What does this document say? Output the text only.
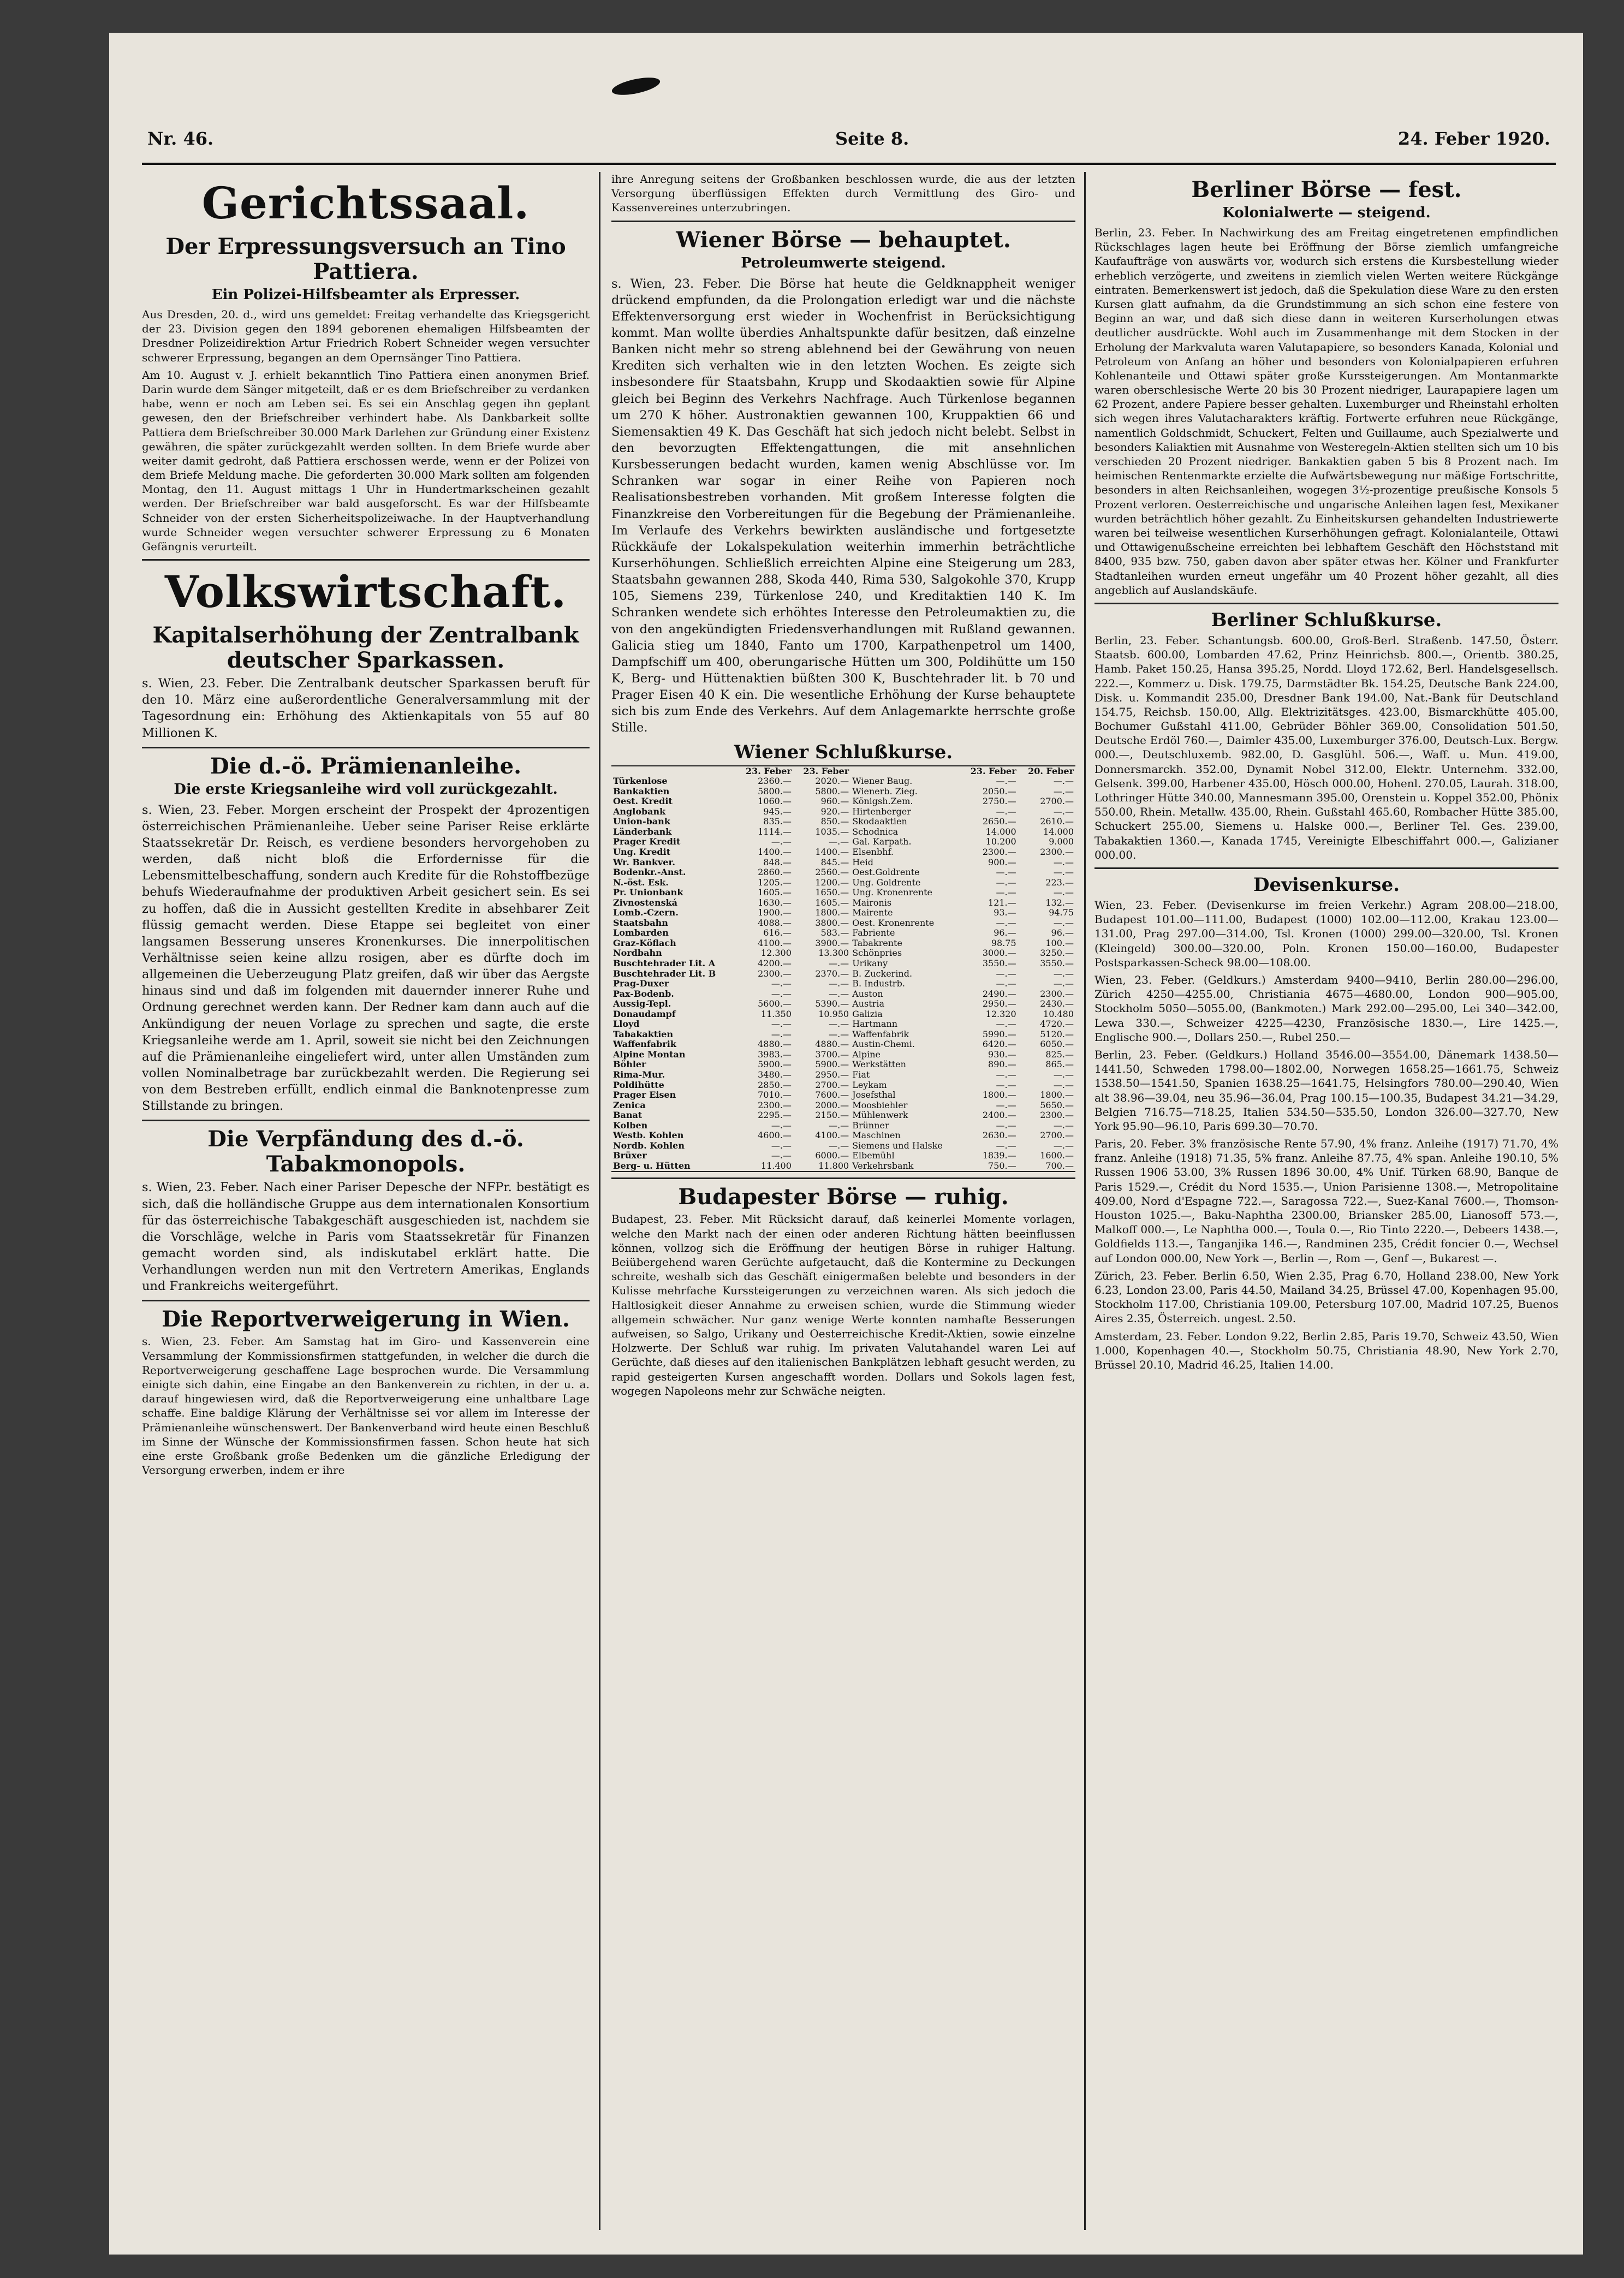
Nr. 46.	Seite 8.	24. Feber 1920.
Gerichtssaal.
Der Erpressungsversuch an Tino Pattiera.
Ein Polizei-Hilfsbeamter als Erpresser.

Aus Dresden, 20. d., wird uns gemeldet: Freitag verhandelte das Kriegsgericht der 23. Division gegen den 1894 geborenen ehemaligen Hilfsbeamten der Dresdner Polizeidirektion Artur Friedrich Robert Schneider wegen versuchter schwerer Erpressung, begangen an dem Opernsänger Tino Pattiera.

Am 10. August v. J. erhielt bekanntlich Tino Pattiera einen anonymen Brief. Darin wurde dem Sänger mitgeteilt, daß er es dem Briefschreiber zu verdanken habe, wenn er noch am Leben sei. Es sei ein Anschlag gegen ihn geplant gewesen, den der Briefschreiber verhindert habe. Als Dankbarkeit sollte Pattiera dem Briefschreiber 30.000 Mark Darlehen zur Gründung einer Existenz gewähren, die später zurückgezahlt werden sollten. In dem Briefe wurde aber weiter damit gedroht, daß Pattiera erschossen werde, wenn er der Polizei von dem Briefe Meldung mache. Die geforderten 30.000 Mark sollten am folgenden Montag, den 11. August mittags 1 Uhr in Hundertmarkscheinen gezahlt werden. Der Briefschreiber war bald ausgeforscht. Es war der Hilfsbeamte Schneider von der ersten Sicherheitspolizeiwache. In der Hauptverhandlung wurde Schneider wegen versuchter schwerer Erpressung zu 6 Monaten Gefängnis verurteilt.

Volkswirtschaft.
Kapitalserhöhung der Zentralbank deutscher Sparkassen.

s. Wien, 23. Feber. Die Zentralbank deutscher Sparkassen beruft für den 10. März eine außerordentliche Generalversammlung mit der Tagesordnung ein: Erhöhung des Aktienkapitals von 55 auf 80 Millionen K.

Die d.-ö. Prämienanleihe.
Die erste Kriegsanleihe wird voll zurückgezahlt.

s. Wien, 23. Feber. Morgen erscheint der Prospekt der 4prozentigen österreichischen Prämienanleihe. Ueber seine Pariser Reise erklärte Staatssekretär Dr. Reisch, es verdiene besonders hervorgehoben zu werden, daß nicht bloß die Erfordernisse für die Lebensmittelbeschaffung, sondern auch Kredite für die Rohstoffbezüge behufs Wiederaufnahme der produktiven Arbeit gesichert sein. Es sei zu hoffen, daß die in Aussicht gestellten Kredite in absehbarer Zeit flüssig gemacht werden. Diese Etappe sei begleitet von einer langsamen Besserung unseres Kronenkurses. Die innerpolitischen Verhältnisse seien keine allzu rosigen, aber es dürfte doch im allgemeinen die Ueberzeugung Platz greifen, daß wir über das Aergste hinaus sind und daß im folgenden mit dauernder innerer Ruhe und Ordnung gerechnet werden kann. Der Redner kam dann auch auf die Ankündigung der neuen Vorlage zu sprechen und sagte, die erste Kriegsanleihe werde am 1. April, soweit sie nicht bei den Zeichnungen auf die Prämienanleihe eingeliefert wird, unter allen Umständen zum vollen Nominalbetrage bar zurückbezahlt werden. Die Regierung sei von dem Bestreben erfüllt, endlich einmal die Banknotenpresse zum Stillstande zu bringen.

Die Verpfändung des d.-ö. Tabakmonopols.

s. Wien, 23. Feber. Nach einer Pariser Depesche der NFPr. bestätigt es sich, daß die holländische Gruppe aus dem internationalen Konsortium für das österreichische Tabakgeschäft ausgeschieden ist, nachdem sie die Vorschläge, welche in Paris vom Staatssekretär für Finanzen gemacht worden sind, als indiskutabel erklärt hatte. Die Verhandlungen werden nun mit den Vertretern Amerikas, Englands und Frankreichs weitergeführt.

Die Reportverweigerung in Wien.

s. Wien, 23. Feber. Am Samstag hat im Giro- und Kassenverein eine Versammlung der Kommissionsfirmen stattgefunden, in welcher die durch die Reportverweigerung geschaffene Lage besprochen wurde. Die Versammlung einigte sich dahin, eine Eingabe an den Bankenverein zu richten, in der u. a. darauf hingewiesen wird, daß die Reportverweigerung eine unhaltbare Lage schaffe. Eine baldige Klärung der Verhältnisse sei vor allem im Interesse der Prämienanleihe wünschenswert. Der Bankenverband wird heute einen Beschluß im Sinne der Wünsche der Kommissionsfirmen fassen. Schon heute hat sich eine erste Großbank große Bedenken um die gänzliche Erledigung der Versorgung erwerben, indem er ihre

ihre Anregung seitens der Großbanken beschlossen wurde, die aus der letzten Versorgung überflüssigen Effekten durch Vermittlung des Giro- und Kassenvereines unterzubringen.

Wiener Börse — behauptet.
Petroleumwerte steigend.

s. Wien, 23. Feber. Die Börse hat heute die Geldknappheit weniger drückend empfunden, da die Prolongation erledigt war und die nächste Effektenversorgung erst wieder in Wochenfrist in Berücksichtigung kommt. Man wollte überdies Anhaltspunkte dafür besitzen, daß einzelne Banken nicht mehr so streng ablehnend bei der Gewährung von neuen Krediten sich verhalten wie in den letzten Wochen. Es zeigte sich insbesondere für Staatsbahn, Krupp und Skodaaktien sowie für Alpine gleich bei Beginn des Verkehrs Nachfrage. Auch Türkenlose begannen um 270 K höher. Austronaktien gewannen 100, Kruppaktien 66 und Siemensaktien 49 K. Das Geschäft hat sich jedoch nicht belebt. Selbst in den bevorzugten Effektengattungen, die mit ansehnlichen Kursbesserungen bedacht wurden, kamen wenig Abschlüsse vor. Im Schranken war sogar in einer Reihe von Papieren noch Realisationsbestreben vorhanden. Mit großem Interesse folgten die Finanzkreise den Vorbereitungen für die Begebung der Prämienanleihe. Im Verlaufe des Verkehrs bewirkten ausländische und fortgesetzte Rückkäufe der Lokalspekulation weiterhin immerhin beträchtliche Kurserhöhungen. Schließlich erreichten Alpine eine Steigerung um 283, Staatsbahn gewannen 288, Skoda 440, Rima 530, Salgokohle 370, Krupp 105, Siemens 239, Türkenlose 240, und Kreditaktien 140 K. Im Schranken wendete sich erhöhtes Interesse den Petroleumaktien zu, die von den angekündigten Friedensverhandlungen mit Rußland gewannen. Galicia stieg um 1840, Fanto um 1700, Karpathenpetrol um 1400, Dampfschiff um 400, oberungarische Hütten um 300, Poldihütte um 150 K, Berg- und Hüttenaktien büßten 300 K, Buschtehrader lit. b 70 und Prager Eisen 40 K ein. Die wesentliche Erhöhung der Kurse behauptete sich bis zum Ende des Verkehrs. Auf dem Anlagemarkte herrschte große Stille.

Wiener Schlußkurse.
	23. Feber	23. Feber		23. Feber	20. Feber
Türkenlose	2360.—	2020.—	Wiener Baug.	—.—	—.—
Bankaktien	5800.—	5800.—	Wienerb. Zieg.	2050.—	—.—
Oest. Kredit	1060.—	960.—	Königsh.Zem.	2750.—	2700.—
Anglobank	945.—	920.—	Hirtenberger	—.—	—.—
Union-bank	835.—	850.—	Skodaaktien	2650.—	2610.—
Länderbank	1114.—	1035.—	Schodnica	14.000	14.000
Prager Kredit	—.—	—.—	Gal. Karpath.	10.200	9.000
Ung. Kredit	1400.—	1400.—	Elsenbhf.	2300.—	2300.—
Wr. Bankver.	848.—	845.—	Heid	900.—	—.—
Bodenkr.-Anst.	2860.—	2560.—	Oest.Goldrente	—.—	—.—
N.-öst. Esk.	1205.—	1200.—	Ung. Goldrente	—.—	223.—
Pr. Unionbank	1605.—	1650.—	Ung. Kronenrente	—.—	—.—
Zivnostenská	1630.—	1605.—	Maironis	121.—	132.—
Lomb.-Czern.	1900.—	1800.—	Mairente	93.—	94.75
Staatsbahn	4088.—	3800.—	Oest. Kronenrente	—.—	—.—
Lombarden	616.—	583.—	Fabriente	96.—	96.—
Graz-Köflach	4100.—	3900.—	Tabakrente	98.75	100.—
Nordbahn	12.300	13.300	Schönpries	3000.—	3250.—
Buschtehrader Lit. A	4200.—	—.—	Urikany	3550.—	3550.—
Buschtehrader Lit. B	2300.—	2370.—	B. Zuckerind.	—.—	—.—
Prag-Duxer	—.—	—.—	B. Industrb.	—.—	—.—
Pax-Bodenb.	—.—	—.—	Auston	2490.—	2300.—
Aussig-Tepl.	5600.—	5390.—	Austria	2950.—	2430.—
Donaudampf	11.350	10.950	Galizia	12.320	10.480
Lloyd	—.—	—.—	Hartmann	—.—	4720.—
Tabakaktien	—.—	—.—	Waffenfabrik	5990.—	5120.—
Waffenfabrik	4880.—	4880.—	Austin-Chemi.	6420.—	6050.—
Alpine Montan	3983.—	3700.—	Alpine	930.—	825.—
Böhler	5900.—	5900.—	Werkstätten	890.—	865.—
Rima-Mur.	3480.—	2950.—	Fiat	—.—	—.—
Poldihütte	2850.—	2700.—	Leykam	—.—	—.—
Prager Eisen	7010.—	7600.—	Josefsthal	1800.—	1800.—
Zenica	2300.—	2000.—	Moosbiehler	—.—	5650.—
Banat	2295.—	2150.—	Mühlenwerk	2400.—	2300.—
Kolben	—.—	—.—	Brünner	—.—	—.—
Westb. Kohlen	4600.—	4100.—	Maschinen	2630.—	2700.—
Nordb. Kohlen	—.—	—.—	Siemens und Halske	—.—	—.—
Brüxer	—.—	6000.—	Elbemühl	1839.—	1600.—
Berg- u. Hütten	11.400	11.800	Verkehrsbank	750.—	700.—
Budapester Börse — ruhig.

Budapest, 23. Feber. Mit Rücksicht darauf, daß keinerlei Momente vorlagen, welche den Markt nach der einen oder anderen Richtung hätten beeinflussen können, vollzog sich die Eröffnung der heutigen Börse in ruhiger Haltung. Beiübergehend waren Gerüchte aufgetaucht, daß die Kontermine zu Deckungen schreite, weshalb sich das Geschäft einigermaßen belebte und besonders in der Kulisse mehrfache Kurssteigerungen zu verzeichnen waren. Als sich jedoch die Haltlosigkeit dieser Annahme zu erweisen schien, wurde die Stimmung wieder allgemein schwächer. Nur ganz wenige Werte konnten namhafte Besserungen aufweisen, so Salgo, Urikany und Oesterreichische Kredit-Aktien, sowie einzelne Holzwerte. Der Schluß war ruhig. Im privaten Valutahandel waren Lei auf Gerüchte, daß dieses auf den italienischen Bankplätzen lebhaft gesucht werden, zu rapid gesteigerten Kursen angeschafft worden. Dollars und Sokols lagen fest, wogegen Napoleons mehr zur Schwäche neigten.

Berliner Börse — fest.
Kolonialwerte — steigend.

Berlin, 23. Feber. In Nachwirkung des am Freitag eingetretenen empfindlichen Rückschlages lagen heute bei Eröffnung der Börse ziemlich umfangreiche Kaufaufträge von auswärts vor, wodurch sich erstens die Kursbestellung wieder erheblich verzögerte, und zweitens in ziemlich vielen Werten weitere Rückgänge eintraten. Bemerkenswert ist jedoch, daß die Spekulation diese Ware zu den ersten Kursen glatt aufnahm, da die Grundstimmung an sich schon eine festere von Beginn an war, und daß sich diese dann in weiteren Kurserholungen etwas deutlicher ausdrückte. Wohl auch im Zusammenhange mit dem Stocken in der Erholung der Markvaluta waren Valutapapiere, so besonders Kanada, Kolonial und Petroleum von Anfang an höher und besonders von Kolonialpapieren erfuhren Kohlenanteile und Ottawi später große Kurssteigerungen. Am Montanmarkte waren oberschlesische Werte 20 bis 30 Prozent niedriger, Laurapapiere lagen um 62 Prozent, andere Papiere besser gehalten. Luxemburger und Rheinstahl erholten sich wegen ihres Valutacharakters kräftig. Fortwerte erfuhren neue Rückgänge, namentlich Goldschmidt, Schuckert, Felten und Guillaume, auch Spezialwerte und besonders Kaliaktien mit Ausnahme von Westeregeln-Aktien stellten sich um 10 bis verschieden 20 Prozent niedriger. Bankaktien gaben 5 bis 8 Prozent nach. Im heimischen Rentenmarkte erzielte die Aufwärtsbewegung nur mäßige Fortschritte, besonders in alten Reichsanleihen, wogegen 3½-prozentige preußische Konsols 5 Prozent verloren. Oesterreichische und ungarische Anleihen lagen fest, Mexikaner wurden beträchtlich höher gezahlt. Zu Einheitskursen gehandelten Industriewerte waren bei teilweise wesentlichen Kurserhöhungen gefragt. Kolonialanteile, Ottawi und Ottawigenußscheine erreichten bei lebhaftem Geschäft den Höchststand mit 8400, 935 bzw. 750, gaben davon aber später etwas her. Kölner und Frankfurter Stadtanleihen wurden erneut ungefähr um 40 Prozent höher gezahlt, all dies angeblich auf Auslandskäufe.

Berliner Schlußkurse.

Berlin, 23. Feber. Schantungsb. 600.00, Groß-Berl. Straßenb. 147.50, Österr. Staatsb. 600.00, Lombarden 47.62, Prinz Heinrichsb. 800.—, Orientb. 380.25, Hamb. Paket 150.25, Hansa 395.25, Nordd. Lloyd 172.62, Berl. Handelsgesellsch. 222.—, Kommerz u. Disk. 179.75, Darmstädter Bk. 154.25, Deutsche Bank 224.00, Disk. u. Kommandit 235.00, Dresdner Bank 194.00, Nat.-Bank für Deutschland 154.75, Reichsb. 150.00, Allg. Elektrizitätsges. 423.00, Bismarckhütte 405.00, Bochumer Gußstahl 411.00, Gebrüder Böhler 369.00, Consolidation 501.50, Deutsche Erdöl 760.—, Daimler 435.00, Luxemburger 376.00, Deutsch-Lux. Bergw. 000.—, Deutschluxemb. 982.00, D. Gasglühl. 506.—, Waff. u. Mun. 419.00, Donnersmarckh. 352.00, Dynamit Nobel 312.00, Elektr. Unternehm. 332.00, Gelsenk. 399.00, Harbener 435.00, Hösch 000.00, Hohenl. 270.05, Laurah. 318.00, Lothringer Hütte 340.00, Mannesmann 395.00, Orenstein u. Koppel 352.00, Phönix 550.00, Rhein. Metallw. 435.00, Rhein. Gußstahl 465.60, Rombacher Hütte 385.00, Schuckert 255.00, Siemens u. Halske 000.—, Berliner Tel. Ges. 239.00, Tabakaktien 1360.—, Kanada 1745, Vereinigte Elbeschiffahrt 000.—, Galizianer 000.00.

Devisenkurse.

Wien, 23. Feber. (Devisenkurse im freien Verkehr.) Agram 208.00—218.00, Budapest 101.00—111.00, Budapest (1000) 102.00—112.00, Krakau 123.00—131.00, Prag 297.00—314.00, Tsl. Kronen (1000) 299.00—320.00, Tsl. Kronen (Kleingeld) 300.00—320.00, Poln. Kronen 150.00—160.00, Budapester Postsparkassen-Scheck 98.00—108.00.

Wien, 23. Feber. (Geldkurs.) Amsterdam 9400—9410, Berlin 280.00—296.00, Zürich 4250—4255.00, Christiania 4675—4680.00, London 900—905.00, Stockholm 5050—5055.00, (Bankmoten.) Mark 292.00—295.00, Lei 340—342.00, Lewa 330.—, Schweizer 4225—4230, Französische 1830.—, Lire 1425.—, Englische 900.—, Dollars 250.—, Rubel 250.—

Berlin, 23. Feber. (Geldkurs.) Holland 3546.00—3554.00, Dänemark 1438.50—1441.50, Schweden 1798.00—1802.00, Norwegen 1658.25—1661.75, Schweiz 1538.50—1541.50, Spanien 1638.25—1641.75, Helsingfors 780.00—290.40, Wien alt 38.96—39.04, neu 35.96—36.04, Prag 100.15—100.35, Budapest 34.21—34.29, Belgien 716.75—718.25, Italien 534.50—535.50, London 326.00—327.70, New York 95.90—96.10, Paris 699.30—70.70.

Paris, 20. Feber. 3% französische Rente 57.90, 4% franz. Anleihe (1917) 71.70, 4% franz. Anleihe (1918) 71.35, 5% franz. Anleihe 87.75, 4% span. Anleihe 190.10, 5% Russen 1906 53.00, 3% Russen 1896 30.00, 4% Unif. Türken 68.90, Banque de Paris 1529.—, Crédit du Nord 1535.—, Union Parisienne 1308.—, Metropolitaine 409.00, Nord d'Espagne 722.—, Saragossa 722.—, Suez-Kanal 7600.—, Thomson-Houston 1025.—, Baku-Naphtha 2300.00, Briansker 285.00, Lianosoff 573.—, Malkoff 000.—, Le Naphtha 000.—, Toula 0.—, Rio Tinto 2220.—, Debeers 1438.—, Goldfields 113.—, Tanganjika 146.—, Randminen 235, Crédit foncier 0.—, Wechsel auf London 000.00, New York —, Berlin —, Rom —, Genf —, Bukarest —.

Zürich, 23. Feber. Berlin 6.50, Wien 2.35, Prag 6.70, Holland 238.00, New York 6.23, London 23.00, Paris 44.50, Mailand 34.25, Brüssel 47.00, Kopenhagen 95.00, Stockholm 117.00, Christiania 109.00, Petersburg 107.00, Madrid 107.25, Buenos Aires 2.35, Österreich. ungest. 2.50.

Amsterdam, 23. Feber. London 9.22, Berlin 2.85, Paris 19.70, Schweiz 43.50, Wien 1.000, Kopenhagen 40.—, Stockholm 50.75, Christiania 48.90, New York 2.70, Brüssel 20.10, Madrid 46.25, Italien 14.00.
